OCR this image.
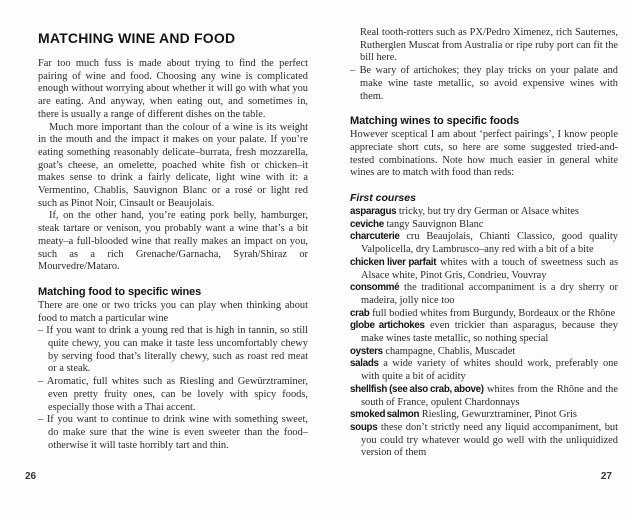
MATCHING WINE AND FOOD

Far too much fuss is made about trying to find the perfect pairing of wine and food. Choosing any wine is complicated enough without worrying about whether it will go with what you are eating. And anyway, when eating out, and sometimes in, there is usually a range of different dishes on the table.

Much more important than the colour of a wine is its weight in the mouth and the impact it makes on your palate. If you’re eating something reasonably delicate–burrata, fresh mozzarella, goat’s cheese, an omelette, poached white fish or chicken–it makes sense to drink a fairly delicate, light wine with it: a Vermentino, Chablis, Sauvignon Blanc or a rosé or light red such as Pinot Noir, Cinsault or Beaujolais.

If, on the other hand, you’re eating pork belly, hamburger, steak tartare or venison, you probably want a wine that’s a bit meaty–a full-blooded wine that really makes an impact on you, such as a rich Grenache/Garnacha, Syrah/Shiraz or Mourvedre/Mataro.

Matching food to specific wines

There are one or two tricks you can play when thinking about food to match a particular wine

– If you want to drink a young red that is high in tannin, so still quite chewy, you can make it taste less uncomfortably chewy by serving food that’s literally chewy, such as roast red meat or a steak.

– Aromatic, full whites such as Riesling and Gewürztraminer, even pretty fruity ones, can be lovely with spicy foods, especially those with a Thai accent.

– If you want to continue to drink wine with something sweet, do make sure that the wine is even sweeter than the food–otherwise it will taste horribly tart and thin.

Real tooth-rotters such as PX/Pedro Ximenez, rich Sauternes, Rutherglen Muscat from Australia or ripe ruby port can fit the bill here.

– Be wary of artichokes; they play tricks on your palate and make wine taste metallic, so avoid expensive wines with them.

Matching wines to specific foods

However sceptical I am about ‘perfect pairings’, I know people appreciate short cuts, so here are some suggested tried-and-tested combinations. Note how much easier in general white wines are to match with food than reds:

First courses

asparagus tricky, but try dry German or Alsace whites

ceviche tangy Sauvignon Blanc

charcuterie cru Beaujolais, Chianti Classico, good quality Valpolicella, dry Lambrusco–any red with a bit of a bite

chicken liver parfait whites with a touch of sweetness such as Alsace white, Pinot Gris, Condrieu, Vouvray

consommé the traditional accompaniment is a dry sherry or madeira, jolly nice too

crab full bodied whites from Burgundy, Bordeaux or the Rhône

globe artichokes even trickier than asparagus, because they make wines taste metallic, so nothing special

oysters champagne, Chablis, Muscadet

salads a wide variety of whites should work, preferably one with quite a bit of acidity

shellfish (see also crab, above) whites from the Rhône and the south of France, opulent Chardonnays

smoked salmon Riesling, Gewurztraminer, Pinot Gris

soups these don’t strictly need any liquid accompaniment, but you could try whatever would go well with the unliquidized version of them

26	27
